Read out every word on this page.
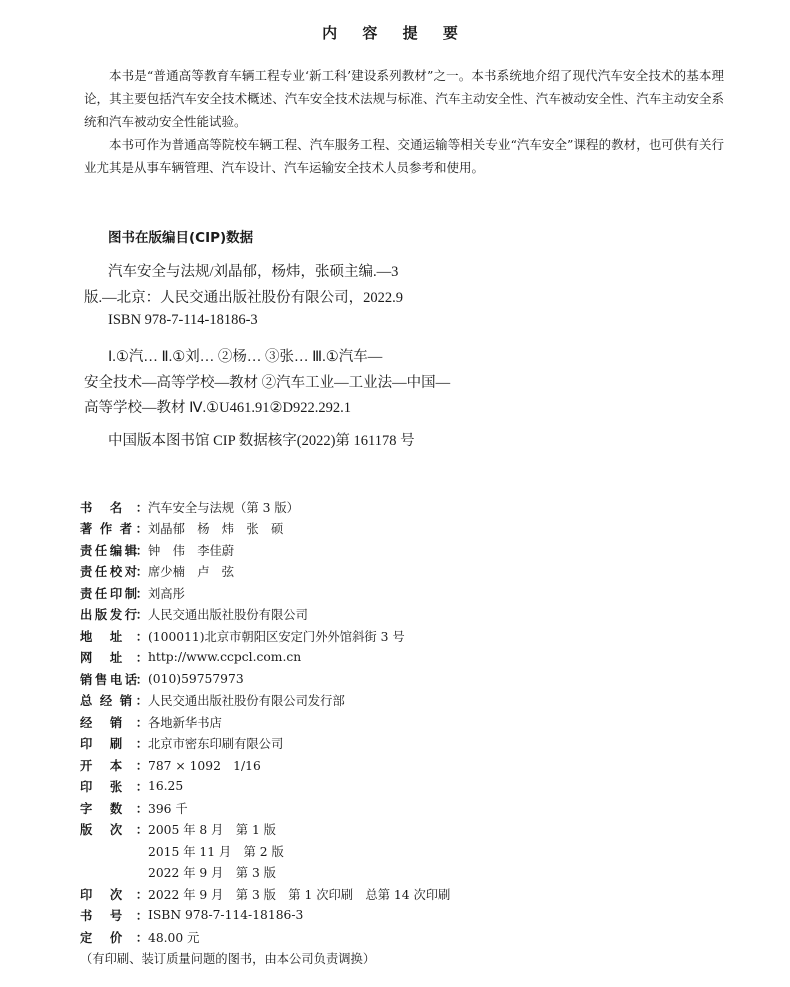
内 容 提 要

本书是“普通高等教育车辆工程专业‘新工科’建设系列教材”之一。本书系统地介绍了现代汽车安全技术的基本理论，其主要包括汽车安全技术概述、汽车安全技术法规与标准、汽车主动安全性、汽车被动安全性、汽车主动安全系统和汽车被动安全性能试验。

本书可作为普通高等院校车辆工程、汽车服务工程、交通运输等相关专业“汽车安全”课程的教材，也可供有关行业尤其是从事车辆管理、汽车设计、汽车运输安全技术人员参考和使用。

图书在版编目(CIP)数据
汽车安全与法规/刘晶郁，杨炜，张硕主编.—3
版.—北京：人民交通出版社股份有限公司，2022.9
ISBN 978-7-114-18186-3
Ⅰ.①汽… Ⅱ.①刘… ②杨… ③张… Ⅲ.①汽车—
安全技术—高等学校—教材 ②汽车工业—工业法—中国—
高等学校—教材 Ⅳ.①U461.91②D922.292.1
中国版本图书馆 CIP 数据核字(2022)第 161178 号
书 名 ： 汽车安全与法规（第 3 版）
著 作 者 ： 刘晶郁　杨　炜　张　硕
责 任 编 辑
： 钟　伟　李佳蔚
责 任 校 对
： 席少楠　卢　弦
责 任 印 制
： 刘高彤
出 版 发 行
： 人民交通出版社股份有限公司
地 址 ： (100011)北京市朝阳区安定门外外馆斜街 3 号
网 址 ： http://www.ccpcl.com.cn
销 售 电 话
： (010)59757973
总 经 销 ： 人民交通出版社股份有限公司发行部
经 销 ： 各地新华书店
印 刷 ： 北京市密东印刷有限公司
开 本 ： 787 × 1092　1/16
印 张 ： 16.25
字 数 ： 396 千
版 次 ： 2005 年 8 月　第 1 版
2015 年 11 月　第 2 版
2022 年 9 月　第 3 版
印 次 ： 2022 年 9 月　第 3 版　第 1 次印刷　总第 14 次印刷
书 号 ： ISBN 978-7-114-18186-3
定 价 ： 48.00 元
（有印刷、装订质量问题的图书，由本公司负责调换）
